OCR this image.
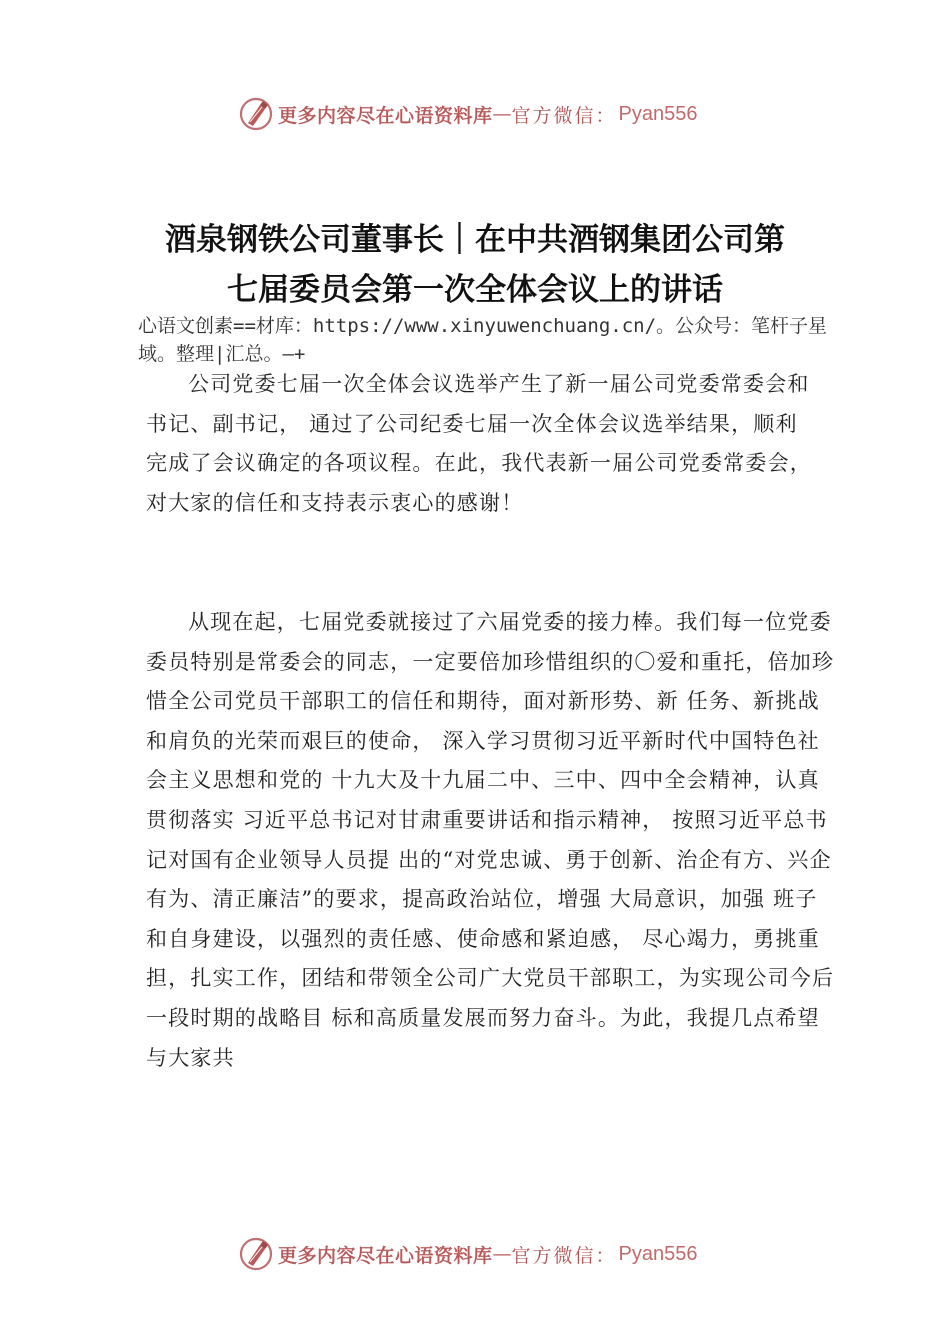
更多内容尽在心语资料库 — 官方微信： Pyan556
酒泉钢铁公司董事长｜在中共酒钢集团公司第七届委员会第一次全体会议上的讲话

心语文创素==材库：https://www.xinyuwenchuang.cn/。公众号：笔杆子星域。整理|汇总。—+

公司党委七届一次全体会议选举产生了新一届公司党委常委会和书记、副书记， 通过了公司纪委七届一次全体会议选举结果，顺利完成了会议确定的各项议程。在此，我代表新一届公司党委常委会，对大家的信任和支持表示衷心的感谢！

从现在起，七届党委就接过了六届党委的接力棒。我们每一位党委委员特别是常委会的同志，一定要倍加珍惜组织的〇爱和重托，倍加珍惜全公司党员干部职工的信任和期待，面对新形势、新 任务、新挑战和肩负的光荣而艰巨的使命， 深入学习贯彻习近平新时代中国特色社会主义思想和党的 十九大及十九届二中、三中、四中全会精神，认真贯彻落实 习近平总书记对甘肃重要讲话和指示精神， 按照习近平总书记对国有企业领导人员提 出的“对党忠诚、勇于创新、治企有方、兴企有为、清正廉洁”的要求，提高政治站位，增强 大局意识，加强 班子和自身建设，以强烈的责任感、使命感和紧迫感， 尽心竭力，勇挑重担，扎实工作，团结和带领全公司广大党员干部职工，为实现公司今后一段时期的战略目 标和高质量发展而努力奋斗。为此，我提几点希望与大家共

更多内容尽在心语资料库 — 官方微信： Pyan556
